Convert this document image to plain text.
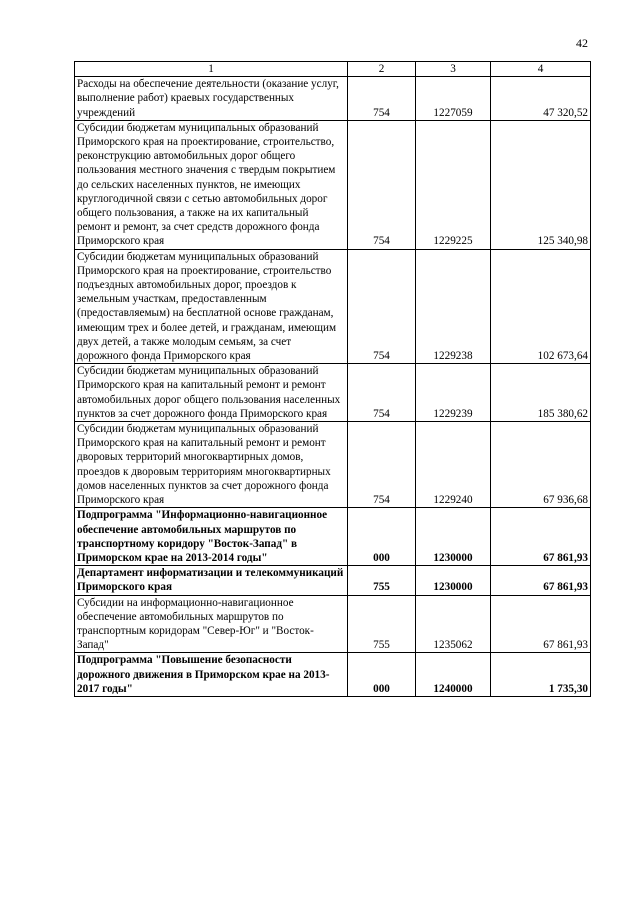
42
1	2	3	4
Расходы на обеспечение деятельности (оказание услуг, выполнение работ) краевых государственных учреждений	754	1227059	47 320,52
Субсидии бюджетам муниципальных образований Приморского края на проектирование, строительство, реконструкцию автомобильных дорог общего пользования местного значения с твердым покрытием до сельских населенных пунктов, не имеющих круглогодичной связи с сетью автомобильных дорог общего пользования, а также на их капитальный ремонт и ремонт, за счет средств дорожного фонда Приморского края	754	1229225	125 340,98
Субсидии бюджетам муниципальных образований Приморского края на проектирование, строительство подъездных автомобильных дорог, проездов к земельным участкам, предоставленным (предоставляемым) на бесплатной основе гражданам, имеющим трех и более детей, и гражданам, имеющим двух детей, а также молодым семьям, за счет дорожного фонда Приморского края	754	1229238	102 673,64
Субсидии бюджетам муниципальных образований Приморского края на капитальный ремонт и ремонт автомобильных дорог общего пользования населенных пунктов за счет дорожного фонда Приморского края	754	1229239	185 380,62
Субсидии бюджетам муниципальных образований Приморского края на капитальный ремонт и ремонт дворовых территорий многоквартирных домов, проездов к дворовым территориям многоквартирных домов населенных пунктов за счет дорожного фонда Приморского края	754	1229240	67 936,68
Подпрограмма "Информационно-навигационное обеспечение автомобильных маршрутов по транспортному коридору "Восток-Запад" в Приморском крае на 2013-2014 годы"	000	1230000	67 861,93
Департамент информатизации и телекоммуникаций Приморского края	755	1230000	67 861,93
Субсидии на информационно-навигационное обеспечение автомобильных маршрутов по транспортным коридорам "Север-Юг" и "Восток-Запад"	755	1235062	67 861,93
Подпрограмма "Повышение безопасности дорожного движения в Приморском крае на 2013-2017 годы"	000	1240000	1 735,30
